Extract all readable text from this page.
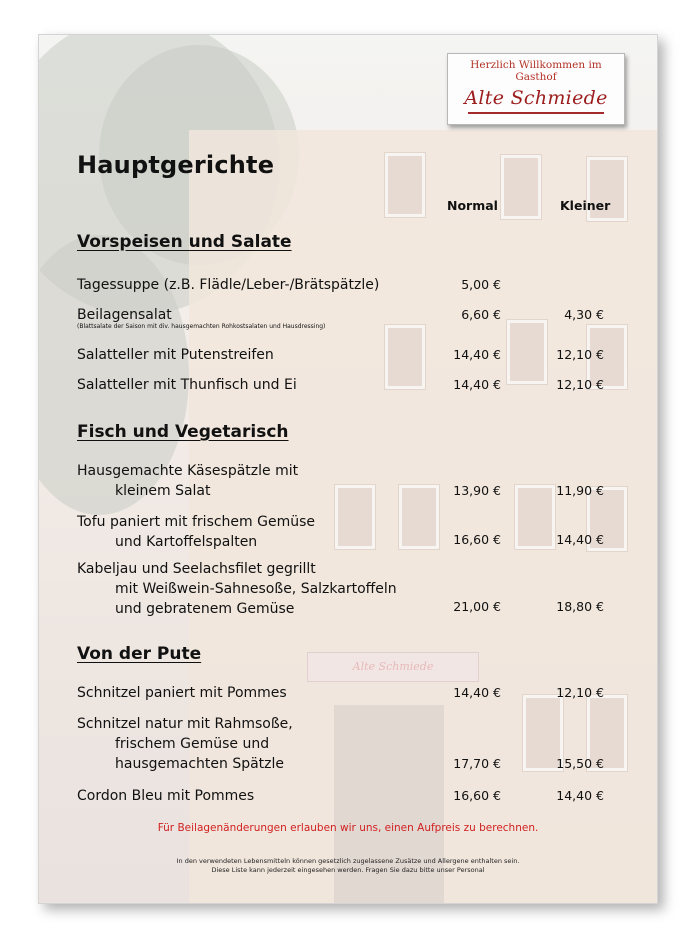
Alte Schmiede
Herzlich Willkommen im Gasthof
Alte Schmiede
Hauptgerichte
Normal	Kleiner
Vorspeisen und Salate
Tagessuppe (z.B. Flädle/Leber-/Brätspätzle)	5,00 €
Beilagensalat
(Blattsalate der Saison mit div. hausgemachten Rohkostsalaten und Hausdressing)
6,60 €	4,30 €
Salatteller mit Putenstreifen	14,40 €	12,10 €
Salatteller mit Thunfisch und Ei	14,40 €	12,10 €
Fisch und Vegetarisch
Hausgemachte Käsespätzle mit
kleinem Salat	13,90 €	11,90 €
Tofu paniert mit frischem Gemüse
und Kartoffelspalten	16,60 €	14,40 €
Kabeljau und Seelachsfilet gegrillt
mit Weißwein-Sahnesoße, Salzkartoffeln
und gebratenem Gemüse	21,00 €	18,80 €
Von der Pute
Schnitzel paniert mit Pommes	14,40 €	12,10 €
Schnitzel natur mit Rahmsoße,
frischem Gemüse und
hausgemachten Spätzle	17,70 €	15,50 €
Cordon Bleu mit Pommes	16,60 €	14,40 €
Für Beilagenänderungen erlauben wir uns, einen Aufpreis zu berechnen.
In den verwendeten Lebensmitteln können gesetzlich zugelassene Zusätze und Allergene enthalten sein.
Diese Liste kann jederzeit eingesehen werden. Fragen Sie dazu bitte unser Personal
